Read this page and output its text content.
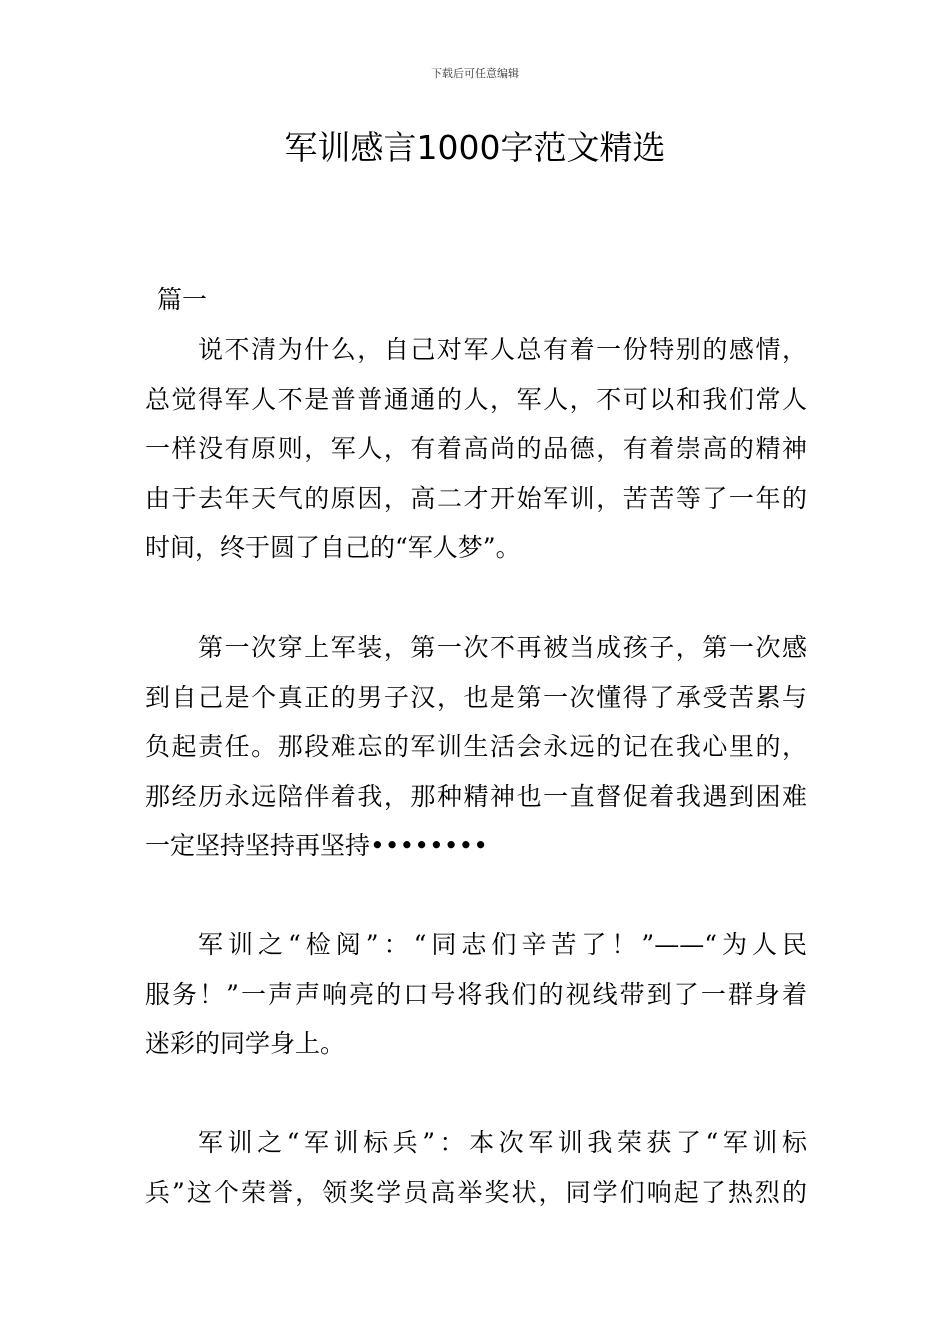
下载后可任意编辑
军训感言1000字范文精选
篇一
说不清为什么，自己对军人总有着一份特别的感情，
总觉得军人不是普普通通的人，军人，不可以和我们常人
一样没有原则，军人，有着高尚的品德，有着崇高的精神
由于去年天气的原因，高二才开始军训，苦苦等了一年的
时间，终于圆了自己的“军人梦”。
第一次穿上军装，第一次不再被当成孩子，第一次感
到自己是个真正的男子汉，也是第一次懂得了承受苦累与
负起责任。那段难忘的军训生活会永远的记在我心里的，
那经历永远陪伴着我，那种精神也一直督促着我遇到困难
一定坚持坚持再坚持••••••••
军训之“检阅”：“同志们辛苦了！”——“为人民
服务！”一声声响亮的口号将我们的视线带到了一群身着
迷彩的同学身上。
军训之“军训标兵”：本次军训我荣获了“军训标
兵”这个荣誉，领奖学员高举奖状，同学们响起了热烈的
